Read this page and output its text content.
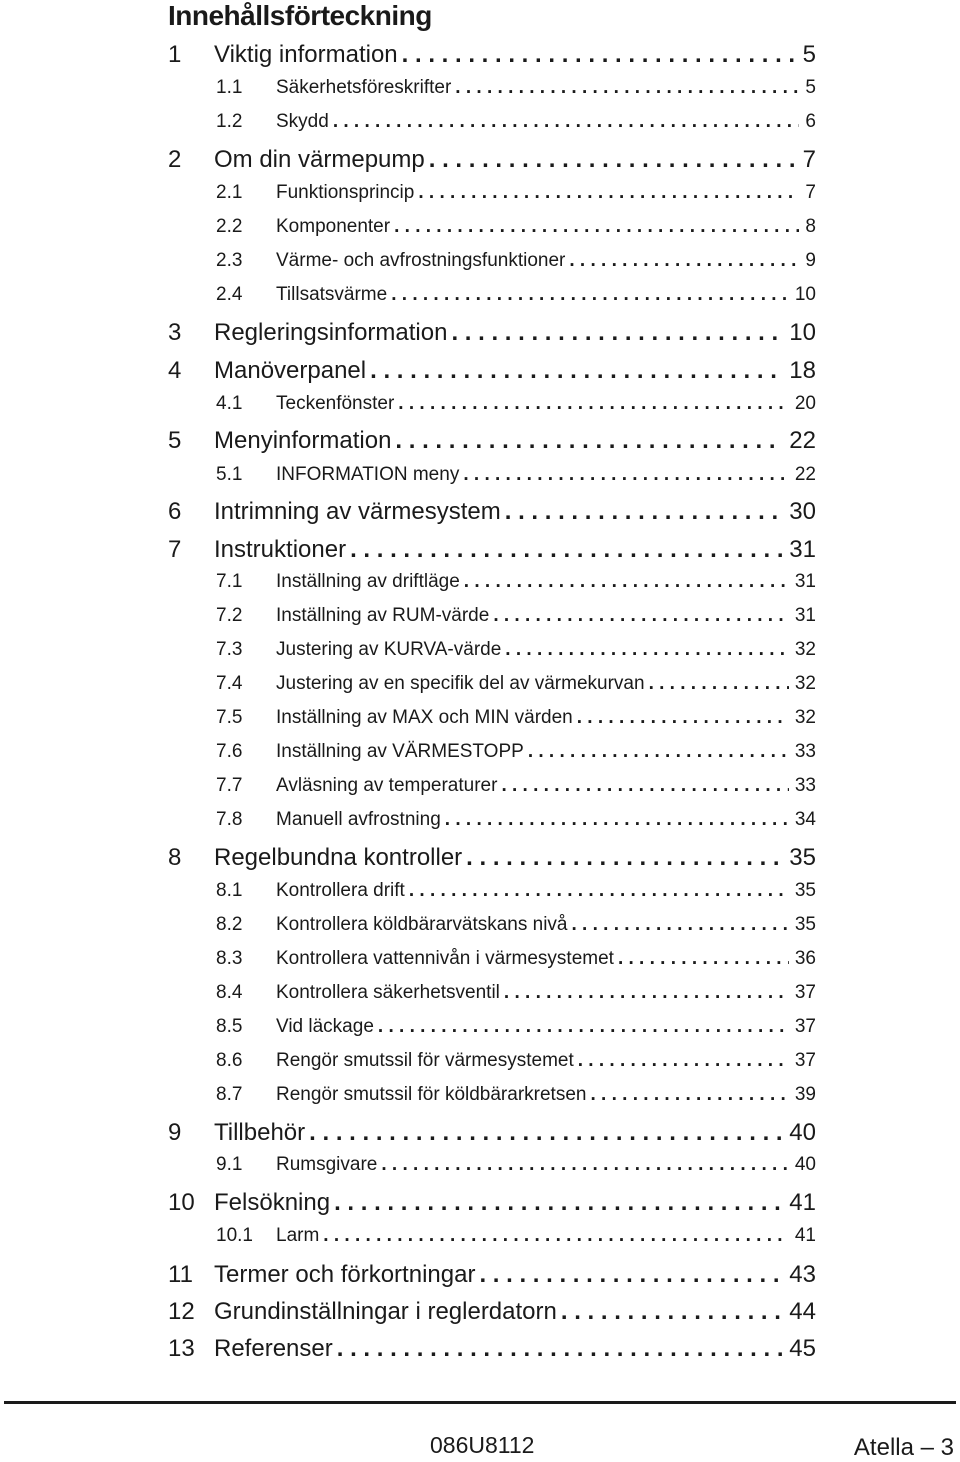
Innehållsförteckning
1	Viktig information . . .	5
1.1	Säkerhetsföreskrifter . . .	5
1.2	Skydd . . .	6
2	Om din värmepump . . .	7
2.1	Funktionsprincip . . .	7
2.2	Komponenter . . .	8
2.3	Värme- och avfrostningsfunktioner . . .	9
2.4	Tillsatsvärme . . .	10
3	Regleringsinformation . . .	10
4	Manöverpanel . . .	18
4.1	Teckenfönster . . .	20
5	Menyinformation . . .	22
5.1	INFORMATION meny . . .	22
6	Intrimning av värmesystem . . .	30
7	Instruktioner . . .	31
7.1	Inställning av driftläge . . .	31
7.2	Inställning av RUM-värde . . .	31
7.3	Justering av KURVA-värde . . .	32
7.4	Justering av en specifik del av värmekurvan . . .	32
7.5	Inställning av MAX och MIN värden . . .	32
7.6	Inställning av VÄRMESTOPP . . .	33
7.7	Avläsning av temperaturer . . .	33
7.8	Manuell avfrostning . . .	34
8	Regelbundna kontroller . . .	35
8.1	Kontrollera drift . . .	35
8.2	Kontrollera köldbärarvätskans nivå . . .	35
8.3	Kontrollera vattennivån i värmesystemet . . .	36
8.4	Kontrollera säkerhetsventil . . .	37
8.5	Vid läckage . . .	37
8.6	Rengör smutssil för värmesystemet . . .	37
8.7	Rengör smutssil för köldbärarkretsen . . .	39
9	Tillbehör . . .	40
9.1	Rumsgivare . . .	40
10 Felsökning . . .	41
10.1	Larm . . .	41
11 Termer och förkortningar . . .	43
12 Grundinställningar i reglerdatorn . . .	44
13 Referenser . . .	45
086U8112	Atella – 3
